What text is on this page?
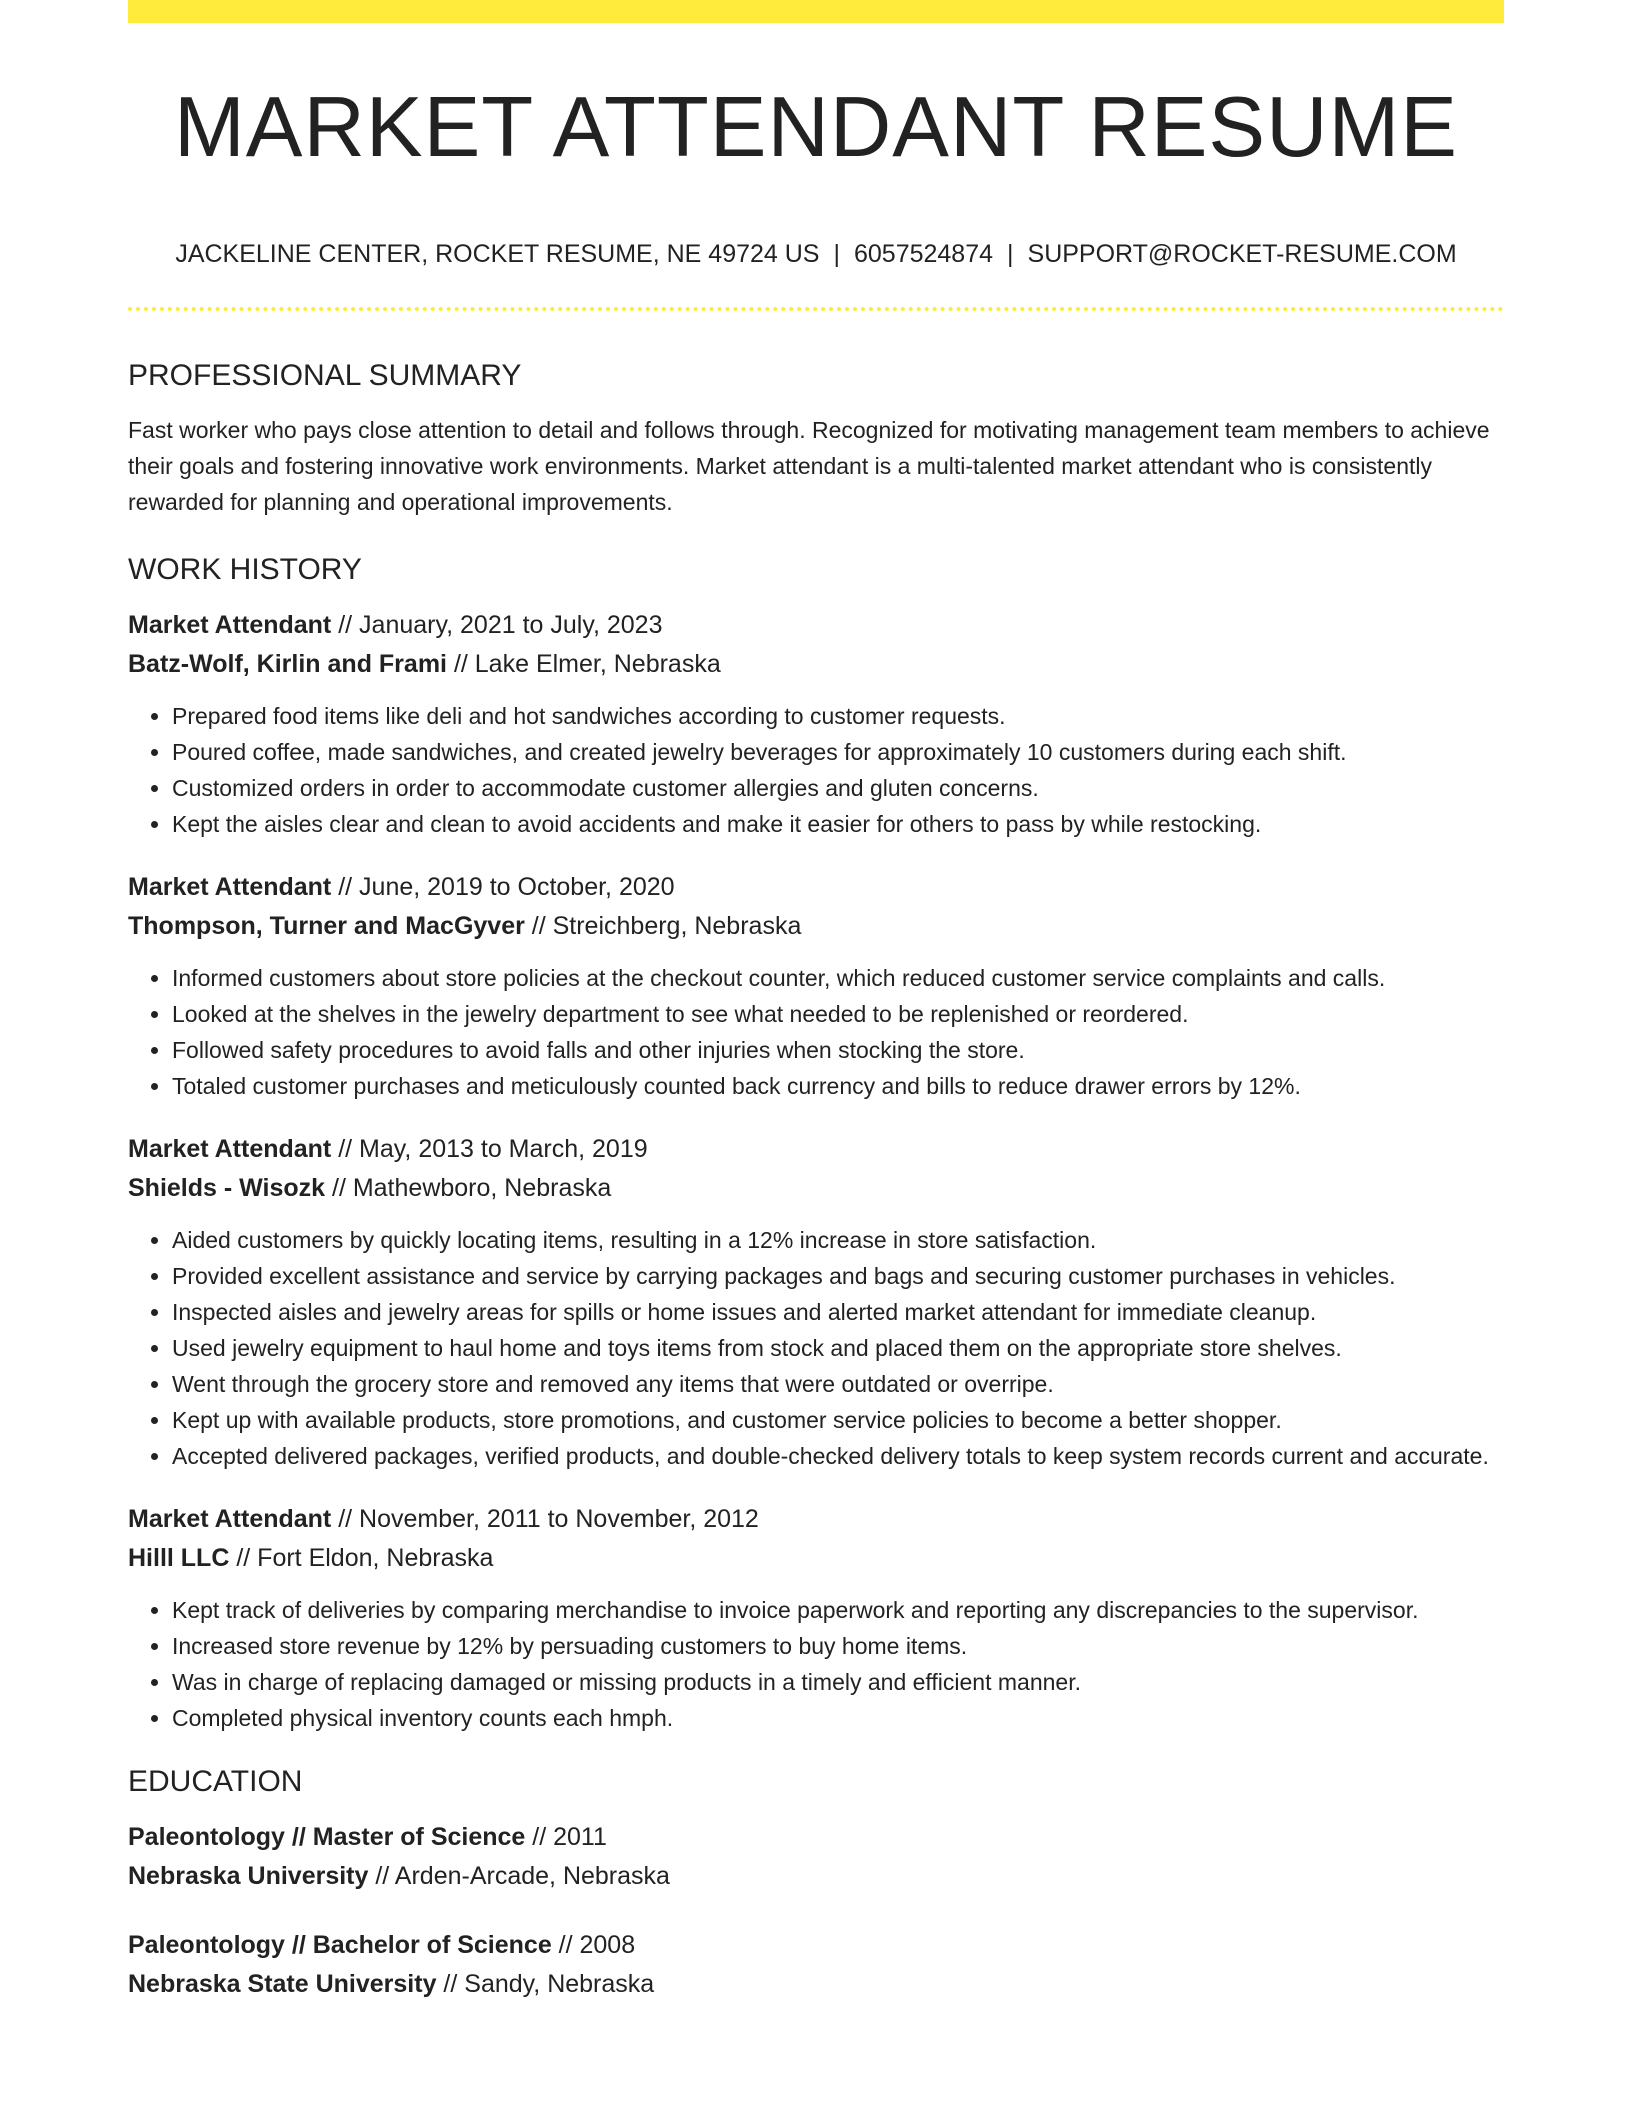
MARKET ATTENDANT RESUME
JACKELINE CENTER, ROCKET RESUME, NE 49724 US | 6057524874 | SUPPORT@ROCKET-RESUME.COM
PROFESSIONAL SUMMARY

Fast worker who pays close attention to detail and follows through. Recognized for motivating management team members to achieve their goals and fostering innovative work environments. Market attendant is a multi-talented market attendant who is consistently rewarded for planning and operational improvements.

WORK HISTORY
Market Attendant // January, 2021 to July, 2023
Batz-Wolf, Kirlin and Frami // Lake Elmer, Nebraska
• Prepared food items like deli and hot sandwiches according to customer requests.
• Poured coffee, made sandwiches, and created jewelry beverages for approximately 10 customers during each shift.
• Customized orders in order to accommodate customer allergies and gluten concerns.
• Kept the aisles clear and clean to avoid accidents and make it easier for others to pass by while restocking.
Market Attendant // June, 2019 to October, 2020
Thompson, Turner and MacGyver // Streichberg, Nebraska
• Informed customers about store policies at the checkout counter, which reduced customer service complaints and calls.
• Looked at the shelves in the jewelry department to see what needed to be replenished or reordered.
• Followed safety procedures to avoid falls and other injuries when stocking the store.
• Totaled customer purchases and meticulously counted back currency and bills to reduce drawer errors by 12%.
Market Attendant // May, 2013 to March, 2019
Shields - Wisozk // Mathewboro, Nebraska
• Aided customers by quickly locating items, resulting in a 12% increase in store satisfaction.
• Provided excellent assistance and service by carrying packages and bags and securing customer purchases in vehicles.
• Inspected aisles and jewelry areas for spills or home issues and alerted market attendant for immediate cleanup.
• Used jewelry equipment to haul home and toys items from stock and placed them on the appropriate store shelves.
• Went through the grocery store and removed any items that were outdated or overripe.
• Kept up with available products, store promotions, and customer service policies to become a better shopper.
• Accepted delivered packages, verified products, and double-checked delivery totals to keep system records current and accurate.
Market Attendant // November, 2011 to November, 2012
Hilll LLC // Fort Eldon, Nebraska
• Kept track of deliveries by comparing merchandise to invoice paperwork and reporting any discrepancies to the supervisor.
• Increased store revenue by 12% by persuading customers to buy home items.
• Was in charge of replacing damaged or missing products in a timely and efficient manner.
• Completed physical inventory counts each hmph.
EDUCATION
Paleontology // Master of Science // 2011
Nebraska University // Arden-Arcade, Nebraska
Paleontology // Bachelor of Science // 2008
Nebraska State University // Sandy, Nebraska
